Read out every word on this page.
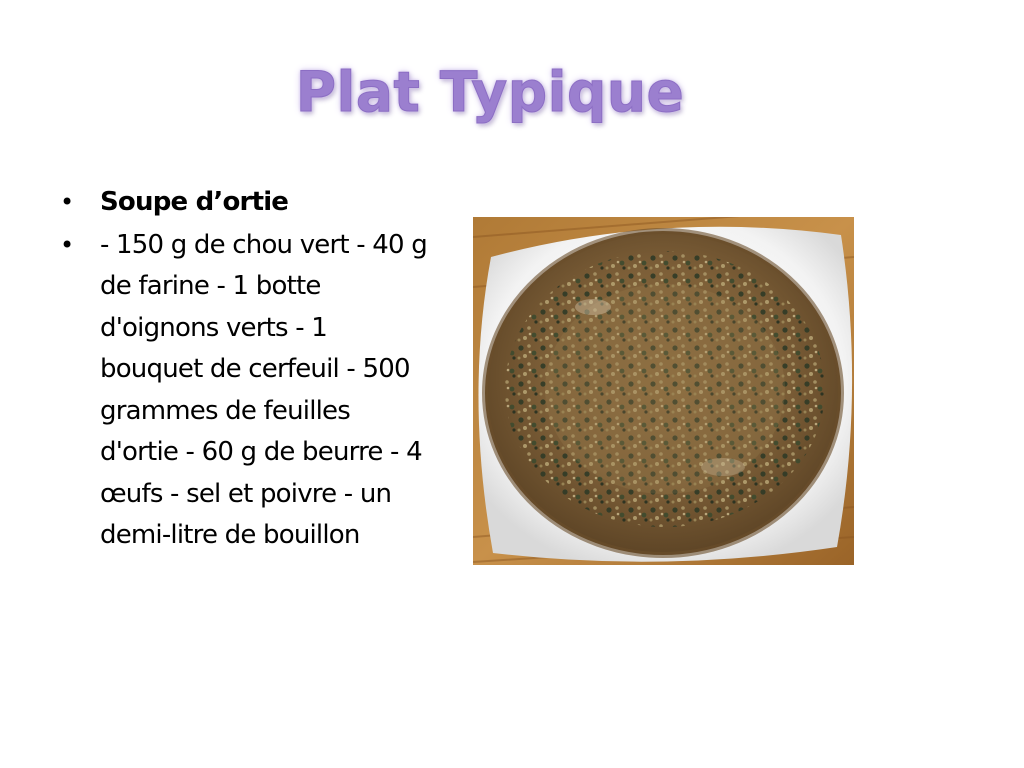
Plat Typique
• Soupe d’ortie
• - 150 g de chou vert - 40 g de farine - 1 botte d'oignons verts - 1 bouquet de cerfeuil - 500 grammes de feuilles d'ortie - 60 g de beurre - 4 œufs - sel et poivre - un demi-litre de bouillon
